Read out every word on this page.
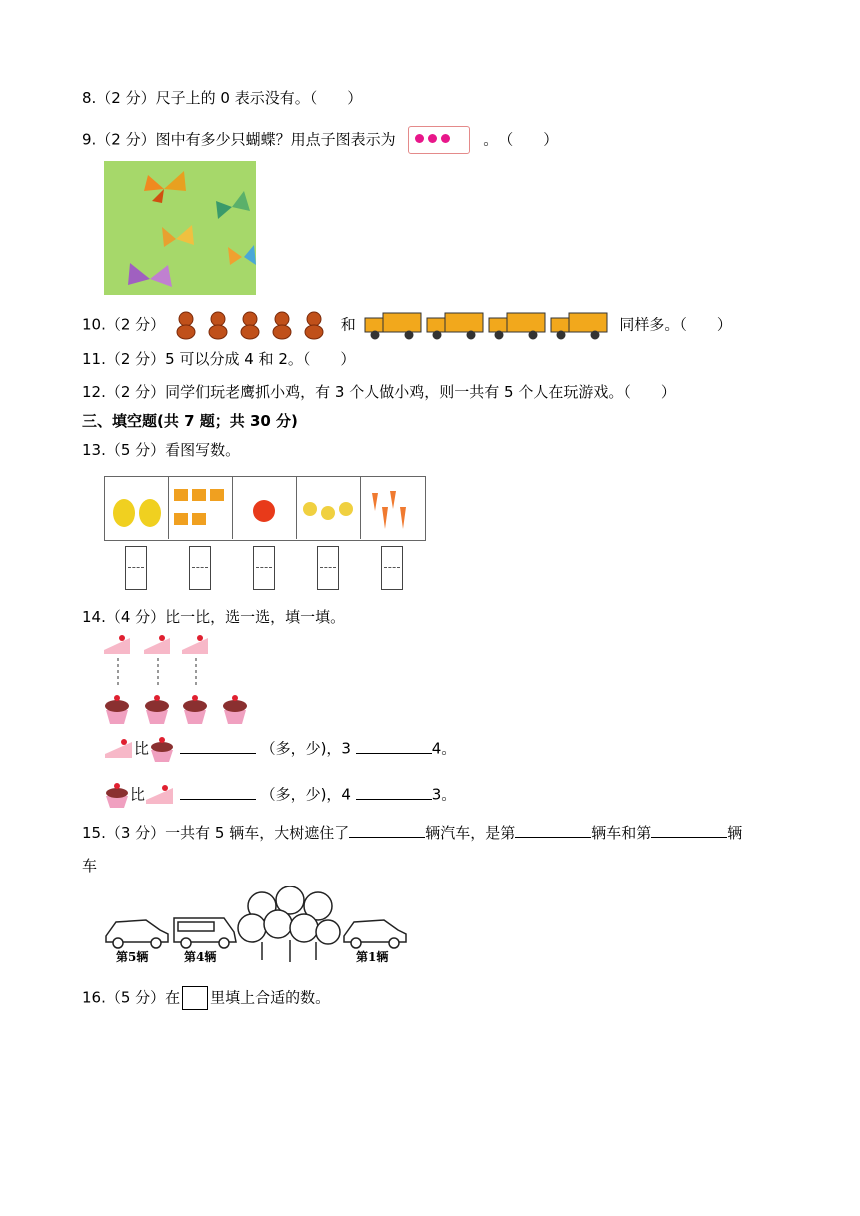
8.（2 分）尺子上的 0 表示没有。（　　）
9.（2 分）图中有多少只蝴蝶？用点子图表示为	。　（　　）
10.（2 分）	和	同样多。（　　）
11.（2 分）5 可以分成 4 和 2。（　　）
12.（2 分）同学们玩老鹰抓小鸡，有 3 个人做小鸡，则一共有 5 个人在玩游戏。（　　）
三、填空题(共 7 题；共 30 分)
13.（5 分）看图写数。
14.（4 分）比一比，选一选，填一填。
比	（多，少)，3	4。
比	（多，少)，4	3。
15.（3 分）一共有 5 辆车，大树遮住了	辆汽车，是第	辆车和第	辆
车
第5辆	第4辆	第1辆
16.（5 分）在 里填上合适的数。
